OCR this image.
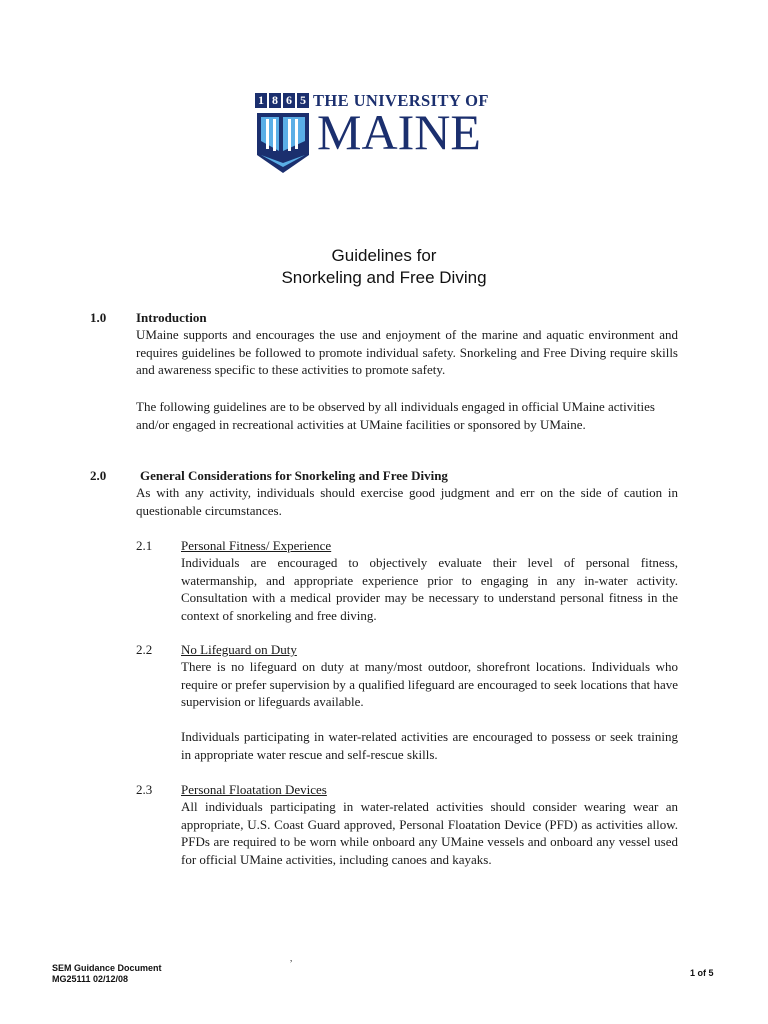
1 8 6 5 THE UNIVERSITY OF
MAINE
Guidelines for
Snorkeling and Free Diving
1.0 Introduction

UMaine supports and encourages the use and enjoyment of the marine and aquatic environment and requires guidelines be followed to promote individual safety. Snorkeling and Free Diving require skills and awareness specific to these activities to promote safety.

The following guidelines are to be observed by all individuals engaged in official UMaine activities and/or engaged in recreational activities at UMaine facilities or sponsored by UMaine.

2.0	General Considerations for Snorkeling and Free Diving

As with any activity, individuals should exercise good judgment and err on the side of caution in questionable circumstances.

2.1 Personal Fitness/ Experience

Individuals are encouraged to objectively evaluate their level of personal fitness, watermanship, and appropriate experience prior to engaging in any in-water activity. Consultation with a medical provider may be necessary to understand personal fitness in the context of snorkeling and free diving.

2.2 No Lifeguard on Duty

There is no lifeguard on duty at many/most outdoor, shorefront locations. Individuals who require or prefer supervision by a qualified lifeguard are encouraged to seek locations that have supervision or lifeguards available.

Individuals participating in water-related activities are encouraged to possess or seek training in appropriate water rescue and self-rescue skills.

2.3 Personal Floatation Devices

All individuals participating in water-related activities should consider wearing wear an appropriate, U.S. Coast Guard approved, Personal Floatation Device (PFD) as activities allow. PFDs are required to be worn while onboard any UMaine vessels and onboard any vessel used for official UMaine activities, including canoes and kayaks.

,
SEM Guidance Document
MG25111 02/12/08
1 of 5
